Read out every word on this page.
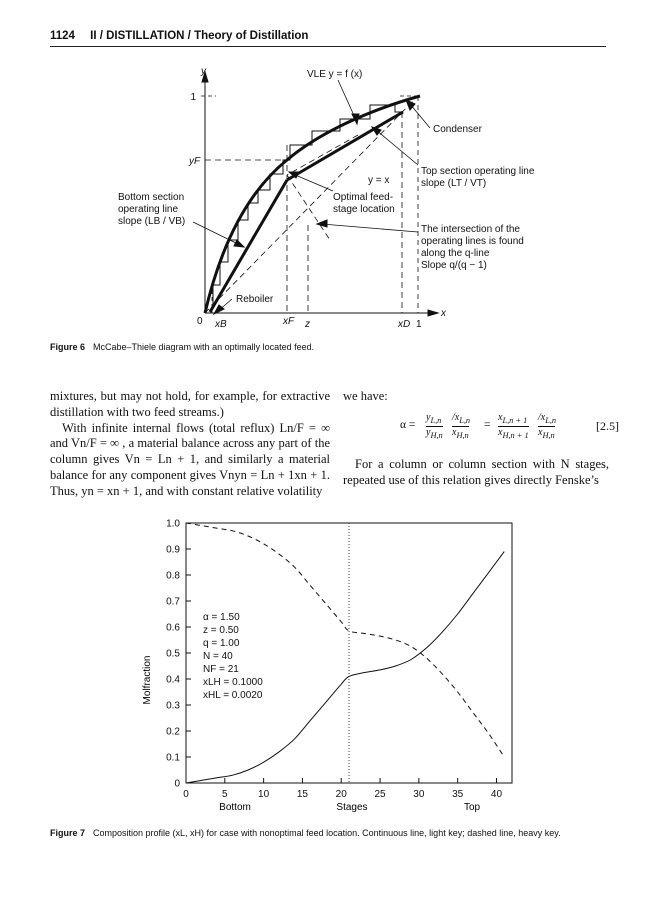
1124 II / DISTILLATION / Theory of Distillation
y
1
yF
0 xB	xF z	xD 1
x
VLE y = f (x)
Condenser
Top section operating line
slope (LT / VT)
y = x
Optimal feed-
stage location
Bottom section
operating line
slope (LB / VB)
The intersection of the
operating lines is found
along the q-line
Slope q/(q − 1)
Reboiler
Figure 6 McCabe–Thiele diagram with an optimally located feed.

mixtures, but may not hold, for example, for extractive distillation with two feed streams.)

With infinite internal flows (total reflux) Ln/F = ∞ and Vn/F = ∞ , a material balance across any part of the column gives Vn = Ln + 1, and similarly a material balance for any component gives Vnyn = Ln + 1xn + 1. Thus, yn = xn + 1, and with constant relative volatility

we have:

α =
$y_{L,n}$
$y_{H,n}$
$/x_{L,n}$
$x_{H,n}$
=
$x_{L,n + 1}$
$x_{H,n + 1}$
$/x_{L,n}$
$x_{H,n}$
[2.5]

For a column or column section with N stages, repeated use of this relation gives directly Fenske’s

0
0.1
0.2
0.3
0.4
0.5
0.6
0.7
0.8
0.9
1.0
0	5	10	15	20	25	30	35	40
α = 1.50
z = 0.50
q = 1.00
N = 40
NF = 21
xLH = 0.1000
xHL = 0.0020
Molfraction
Bottom	Stages	Top
Figure 7 Composition profile (xL, xH) for case with nonoptimal feed location. Continuous line, light key; dashed line, heavy key.
